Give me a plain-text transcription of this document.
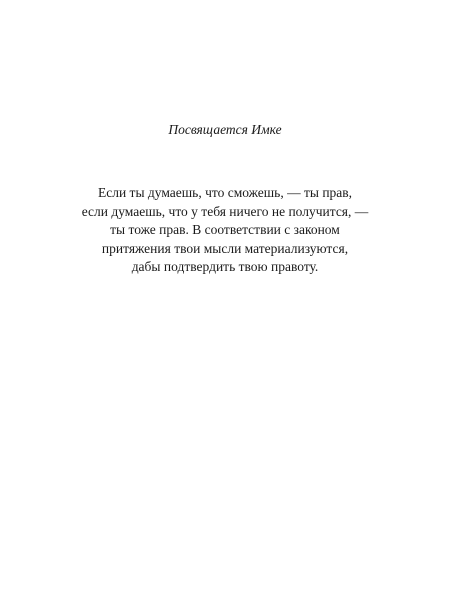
Посвящается Имке
Если ты думаешь, что сможешь, — ты прав,
если думаешь, что у тебя ничего не получится, —
ты тоже прав. В соответствии с законом
притяжения твои мысли материализуются,
дабы подтвердить твою правоту.
